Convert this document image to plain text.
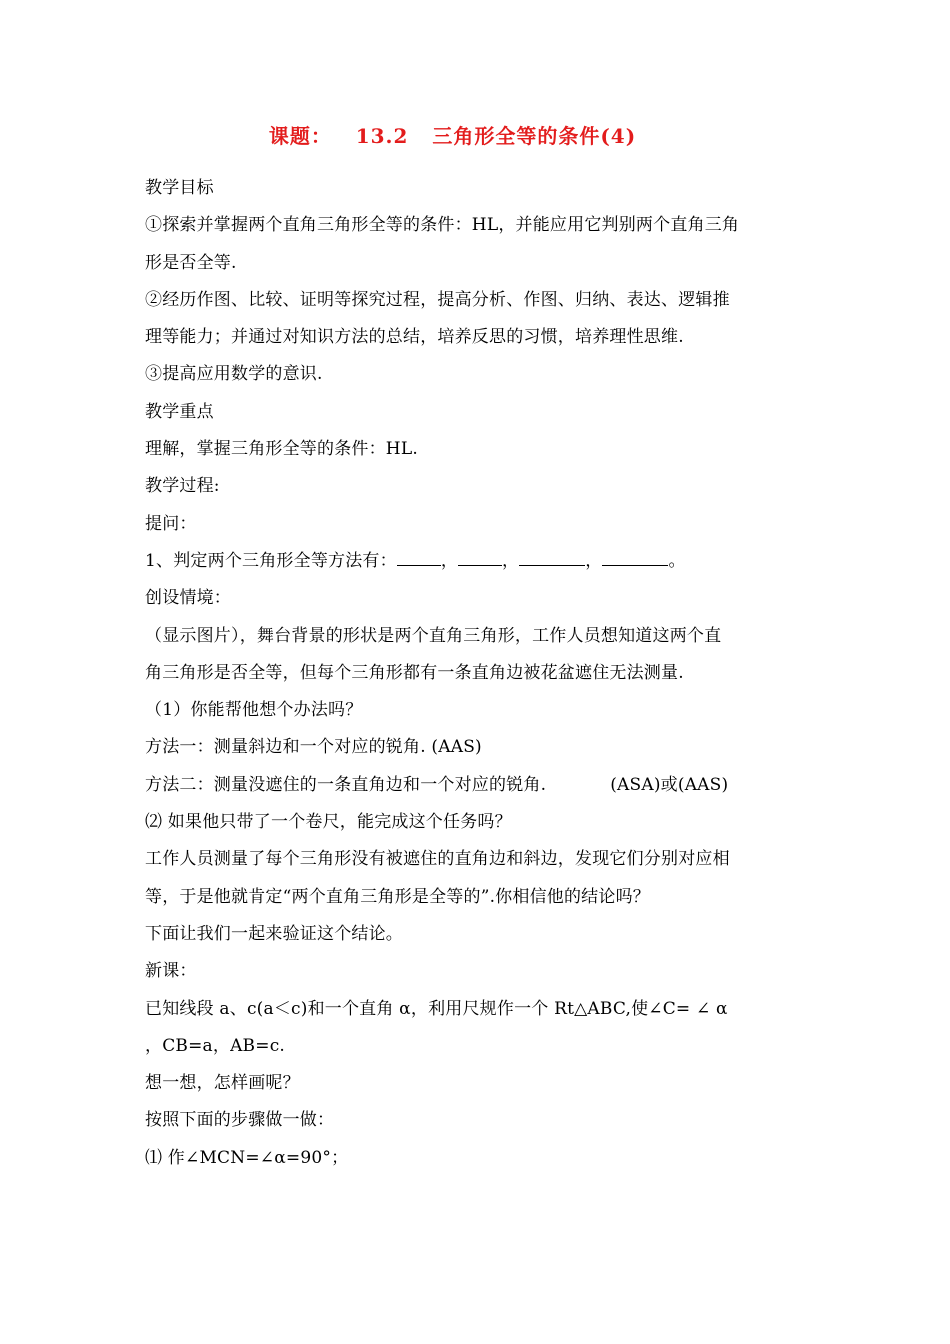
课题： 13.2 三角形全等的条件(4)
教学目标
①探索并掌握两个直角三角形全等的条件：HL，并能应用它判别两个直角三角
形是否全等.
②经历作图、比较、证明等探究过程，提高分析、作图、归纳、表达、逻辑推
理等能力；并通过对知识方法的总结，培养反思的习惯，培养理性思维.
③提高应用数学的意识.
教学重点
理解，掌握三角形全等的条件：HL.
教学过程:
提问：
1、判定两个三角形全等方法有：	，	，	，	。
创设情境：
（显示图片），舞台背景的形状是两个直角三角形，工作人员想知道这两个直
角三角形是否全等，但每个三角形都有一条直角边被花盆遮住无法测量.
（1）你能帮他想个办法吗？
方法一：测量斜边和一个对应的锐角. (AAS)
方法二：测量没遮住的一条直角边和一个对应的锐角.	(ASA)或(AAS)
⑵ 如果他只带了一个卷尺，能完成这个任务吗？
工作人员测量了每个三角形没有被遮住的直角边和斜边，发现它们分别对应相
等，于是他就肯定“两个直角三角形是全等的”.你相信他的结论吗？
下面让我们一起来验证这个结论。
新课：
已知线段 a、c(a＜c)和一个直角 α，利用尺规作一个 Rt△ABC,使∠C= ∠ α
，CB=a，AB=c.
想一想，怎样画呢？
按照下面的步骤做一做：
⑴ 作∠MCN=∠α=90°；
